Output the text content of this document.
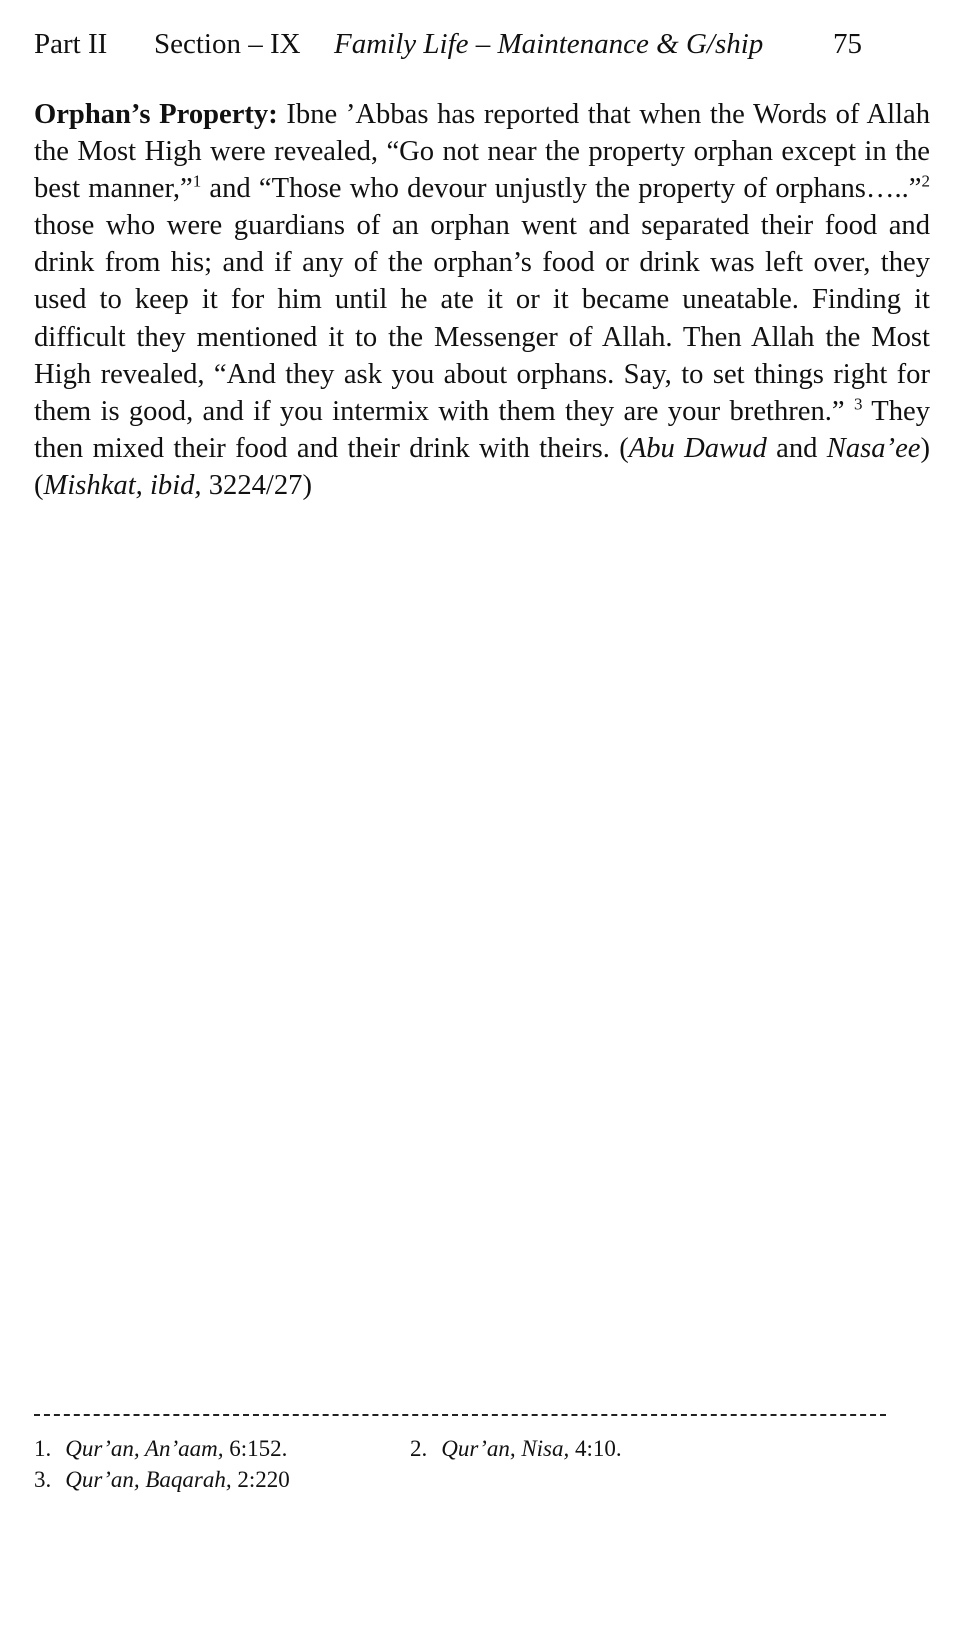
Part II Section – IX Family Life – Maintenance & G/ship 75

Orphan’s Property: Ibne ’Abbas has reported that when the Words of Allah the Most High were revealed, “Go not near the property orphan except in the best manner,”$^1$ and “Those who devour unjustly the property of orphans…..”$^2$ those who were guardians of an orphan went and separated their food and drink from his; and if any of the orphan’s food or drink was left over, they used to keep it for him until he ate it or it became uneatable. Finding it difficult they mentioned it to the Messenger of Allah. Then Allah the Most High revealed, “And they ask you about orphans. Say, to set things right for them is good, and if you intermix with them they are your brethren.” $^3$ They then mixed their food and their drink with theirs. (Abu Dawud and Nasa’ee) (Mishkat, ibid, 3224/27)

1. Qur’an, An’aam, 6:152.	2. Qur’an, Nisa, 4:10.
3. Qur’an, Baqarah, 2:220
